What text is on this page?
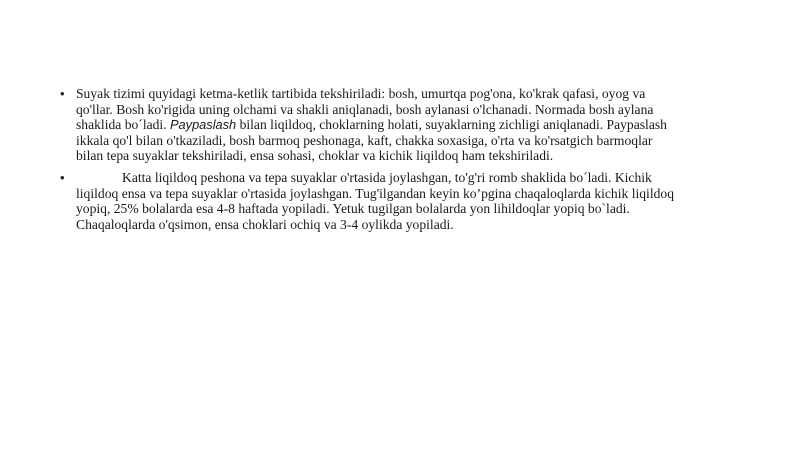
• Suyak tizimi quyidagi ketma-ketlik tartibida tekshiriladi: bosh, umurtqa pog'ona, ko'krak qafasi, oyog va qo'llar. Bosh ko'rigida uning olchami va shakli aniqlanadi, bosh aylanasi o'lchanadi. Normada bosh aylana shaklida bo´ladi. Paypaslash bilan liqildoq, choklarning holati, suyaklarning zichligi aniqlanadi. Paypaslash ikkala qo'l bilan o'tkaziladi, bosh barmoq peshonaga, kaft, chakka soxasiga, o'rta va ko'rsatgich barmoqlar bilan tepa suyaklar tekshiriladi, ensa sohasi, choklar va kichik liqildoq ham tekshiriladi.
•	Katta liqildoq peshona va tepa suyaklar o'rtasida joylashgan, to'g'ri romb shaklida bo´ladi. Kichik liqildoq ensa va tepa suyaklar o'rtasida joylashgan. Tug'ilgandan keyin ko’pgina chaqaloqlarda kichik liqildoq yopiq, 25% bolalarda esa 4-8 haftada yopiladi. Yetuk tugilgan bolalarda yon lihildoqlar yopiq bo`ladi. Chaqaloqlarda o'qsimon, ensa choklari ochiq va 3-4 oylikda yopiladi.
